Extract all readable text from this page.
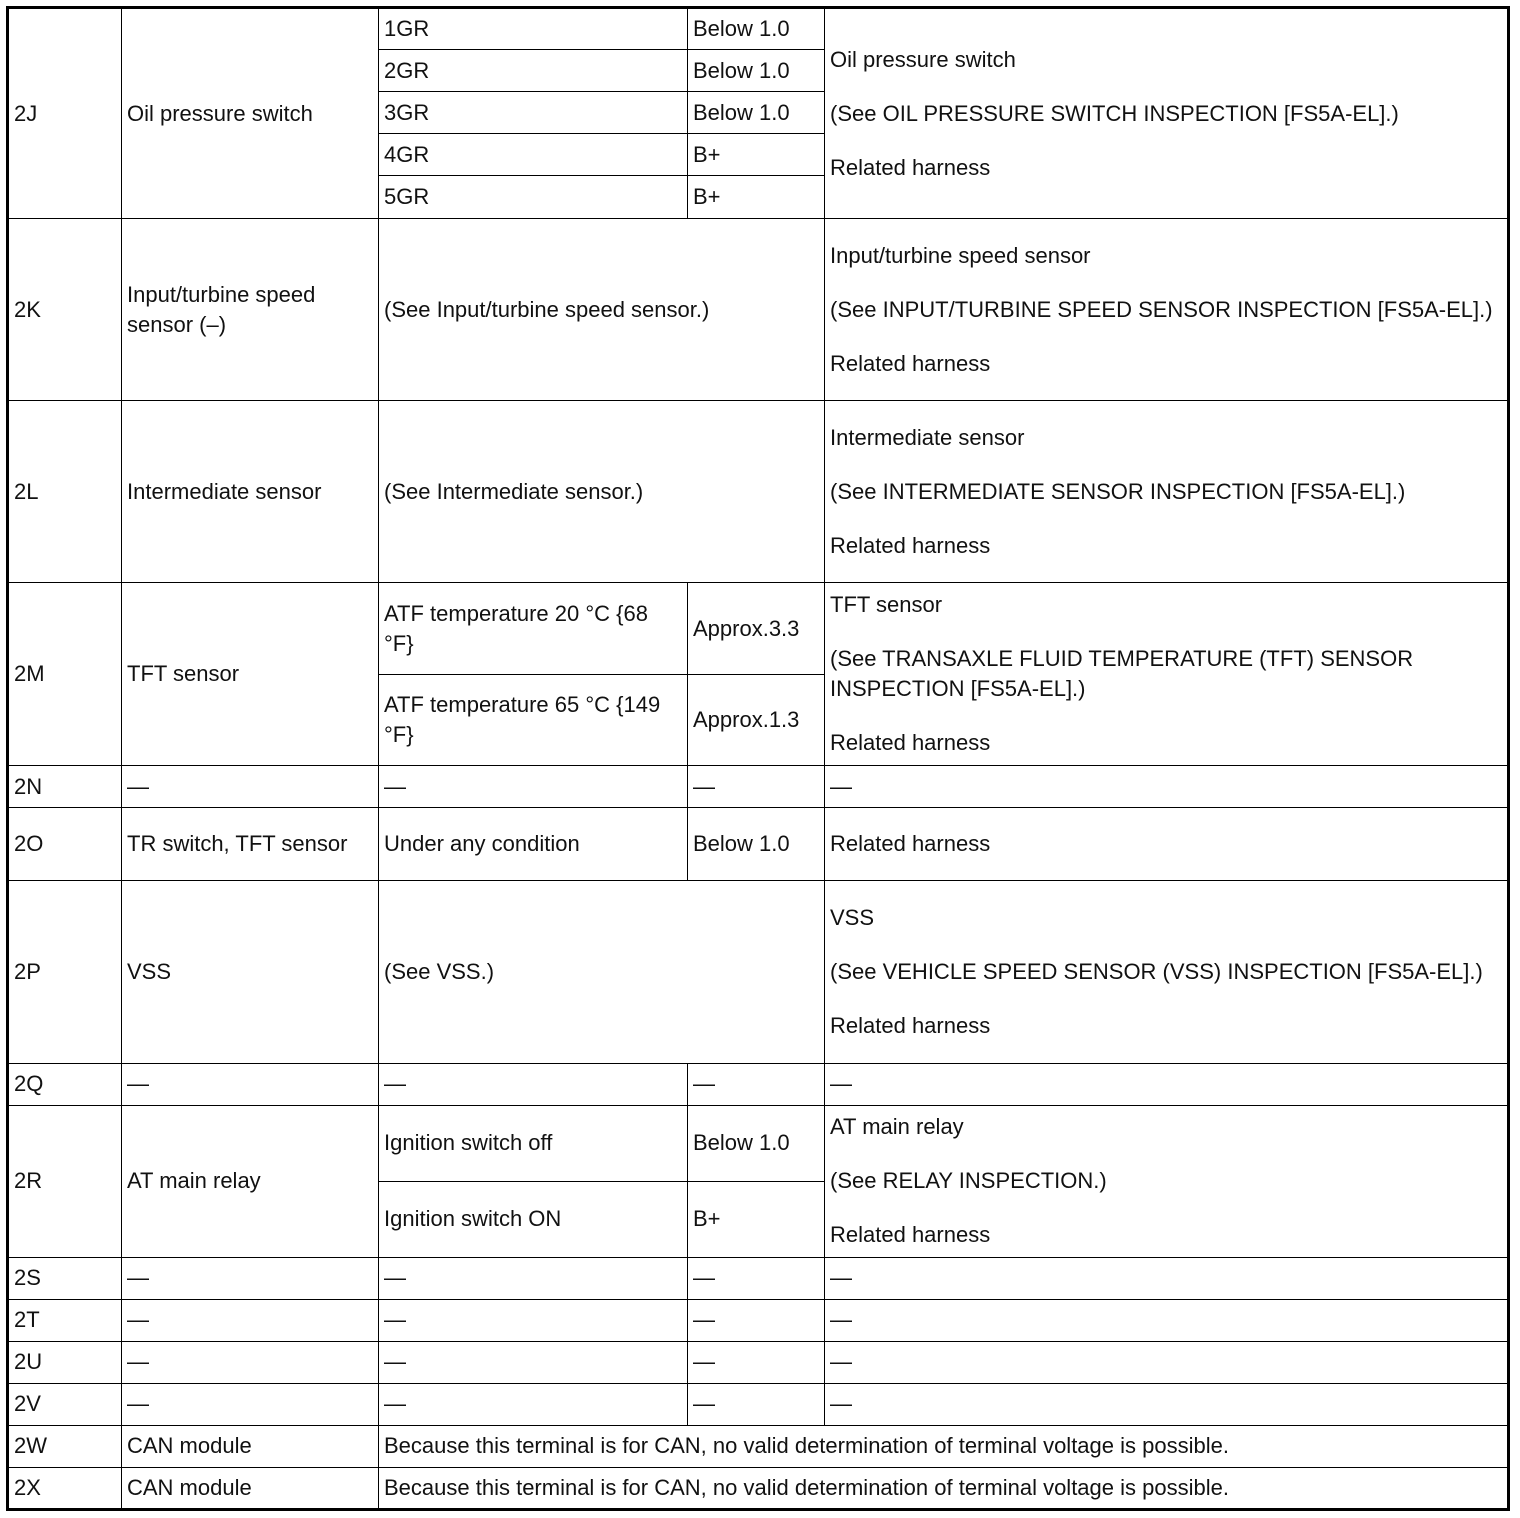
2J	Oil pressure switch	1GR	Below 1.0	Oil pressure switch

(See OIL PRESSURE SWITCH INSPECTION [FS5A-EL].)

Related harness

		2GR	Below 1.0	
		3GR	Below 1.0	
		4GR	B+	
		5GR	B+	
2K	Input/turbine speed sensor (–)	(See Input/turbine speed sensor.)		Input/turbine speed sensor

(See INPUT/TURBINE SPEED SENSOR INSPECTION [FS5A-EL].)

Related harness

2L	Intermediate sensor	(See Intermediate sensor.)		Intermediate sensor

(See INTERMEDIATE SENSOR INSPECTION [FS5A-EL].)

Related harness

2M	TFT sensor	ATF temperature 20 °C {68 °F}	Approx.3.3	TFT sensor

(See TRANSAXLE FLUID TEMPERATURE (TFT) SENSOR INSPECTION [FS5A-EL].)

Related harness

		ATF temperature 65 °C {149 °F}	Approx.1.3	
2N	—	—	—	—
2O	TR switch, TFT sensor	Under any condition	Below 1.0	Related harness

2P	VSS	(See VSS.)		VSS

(See VEHICLE SPEED SENSOR (VSS) INSPECTION [FS5A-EL].)

Related harness

2Q	—	—	—	—
2R	AT main relay	Ignition switch off	Below 1.0	AT main relay

(See RELAY INSPECTION.)

Related harness

		Ignition switch ON	B+	
2S	—	—	—	—
2T	—	—	—	—
2U	—	—	—	—
2V	—	—	—	—
2W	CAN module	Because this terminal is for CAN, no valid determination of terminal voltage is possible.		
2X	CAN module	Because this terminal is for CAN, no valid determination of terminal voltage is possible.		
